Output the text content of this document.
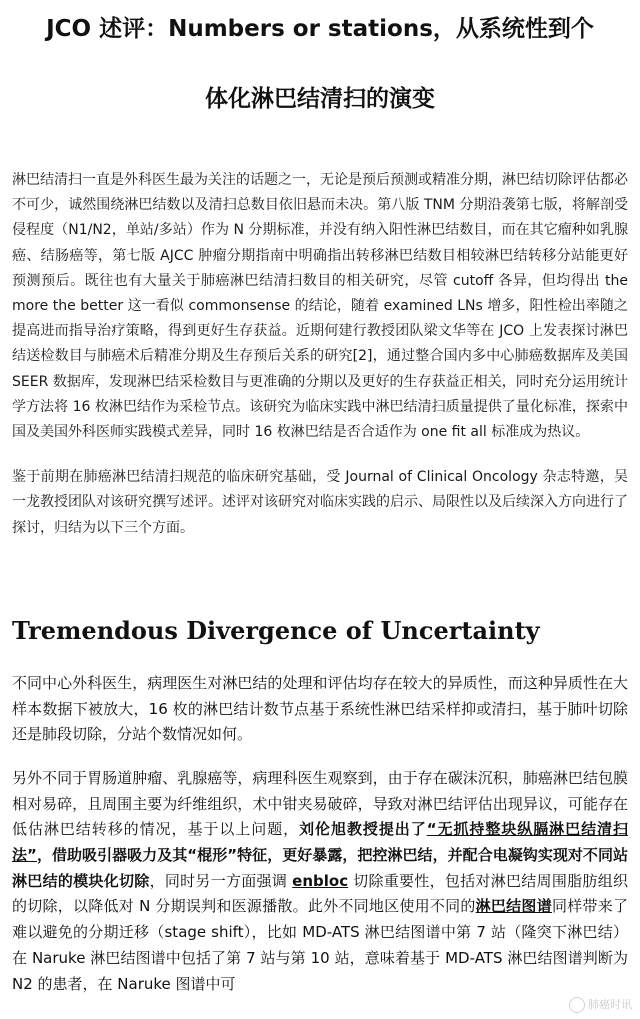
JCO 述评：Numbers or stations，从系统性到个
体化淋巴结清扫的演变

淋巴结清扫一直是外科医生最为关注的话题之一，无论是预后预测或精准分期，淋巴结切除评估都必不可少，诚然围绕淋巴结数以及清扫总数目依旧悬而未决。第八版 TNM 分期沿袭第七版，将解剖受侵程度（N1/N2，单站/多站）作为 N 分期标准，并没有纳入阳性淋巴结数目，而在其它瘤种如乳腺癌、结肠癌等，第七版 AJCC 肿瘤分期指南中明确指出转移淋巴结数目相较淋巴结转移分站能更好预测预后。既往也有大量关于肺癌淋巴结清扫数目的相关研究，尽管 cutoff 各异，但均得出 the more the better 这一看似 commonsense 的结论，随着 examined LNs 增多，阳性检出率随之提高进而指导治疗策略，得到更好生存获益。近期何建行教授团队梁文华等在 JCO 上发表探讨淋巴结送检数目与肺癌术后精准分期及生存预后关系的研究[2]，通过整合国内多中心肺癌数据库及美国 SEER 数据库，发现淋巴结采检数目与更准确的分期以及更好的生存获益正相关，同时充分运用统计学方法将 16 枚淋巴结作为采检节点。该研究为临床实践中淋巴结清扫质量提供了量化标准，探索中国及美国外科医师实践模式差异，同时 16 枚淋巴结是否合适作为 one fit all 标准成为热议。

鉴于前期在肺癌淋巴结清扫规范的临床研究基础，受 Journal of Clinical Oncology 杂志特邀，吴一龙教授团队对该研究撰写述评。述评对该研究对临床实践的启示、局限性以及后续深入方向进行了探讨，归结为以下三个方面。

Tremendous Divergence of Uncertainty

不同中心外科医生，病理医生对淋巴结的处理和评估均存在较大的异质性，而这种异质性在大样本数据下被放大，16 枚的淋巴结计数节点基于系统性淋巴结采样抑或清扫，基于肺叶切除还是肺段切除，分站个数情况如何。

另外不同于胃肠道肿瘤、乳腺癌等，病理科医生观察到，由于存在碳沫沉积，肺癌淋巴结包膜相对易碎，且周围主要为纤维组织，术中钳夹易破碎，导致对淋巴结评估出现异议，可能存在低估淋巴结转移的情况，基于以上问题，刘伦旭教授提出了“无抓持整块纵膈淋巴结清扫法”，借助吸引器吸力及其“棍形”特征，更好暴露，把控淋巴结，并配合电凝钩实现对不同站淋巴结的模块化切除，同时另一方面强调 enbloc 切除重要性，包括对淋巴结周围脂肪组织的切除，以降低对 N 分期误判和医源播散。此外不同地区使用不同的淋巴结图谱同样带来了难以避免的分期迁移（stage shift），比如 MD-ATS 淋巴结图谱中第 7 站（隆突下淋巴结）在 Naruke 淋巴结图谱中包括了第 7 站与第 10 站，意味着基于 MD-ATS 淋巴结图谱判断为 N2 的患者，在 Naruke 图谱中可

肺癌时讯
